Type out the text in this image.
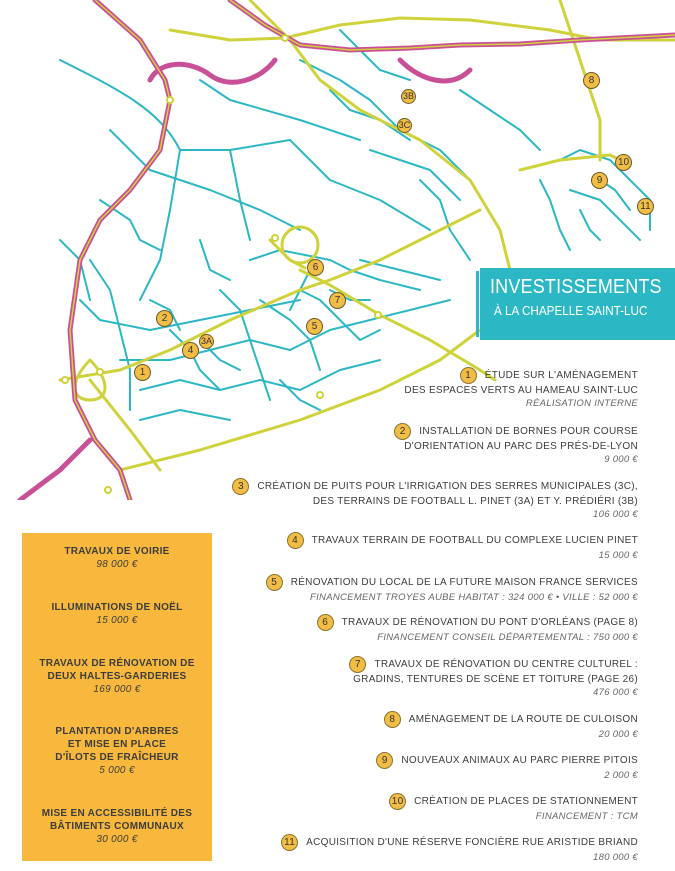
1
2
3A
3B
3C
4
5
6
7
8
9
10
11
INVESTISSEMENTS
À LA CHAPELLE SAINT-LUC
1 ÉTUDE SUR L'AMÉNAGEMENT
DES ESPACES VERTS AU HAMEAU SAINT-LUC
RÉALISATION INTERNE
2 INSTALLATION DE BORNES POUR COURSE
D'ORIENTATION AU PARC DES PRÉS-DE-LYON
9 000 €
3 CRÉATION DE PUITS POUR L'IRRIGATION DES SERRES MUNICIPALES (3C),
DES TERRAINS DE FOOTBALL L. PINET (3A) ET Y. PRÉDIÉRI (3B)
106 000 €
4 TRAVAUX TERRAIN DE FOOTBALL DU COMPLEXE LUCIEN PINET
15 000 €
5 RÉNOVATION DU LOCAL DE LA FUTURE MAISON FRANCE SERVICES
FINANCEMENT TROYES AUBE HABITAT : 324 000 € • VILLE : 52 000 €
6 TRAVAUX DE RÉNOVATION DU PONT D'ORLÉANS (PAGE 8)
FINANCEMENT CONSEIL DÉPARTEMENTAL : 750 000 €
7 TRAVAUX DE RÉNOVATION DU CENTRE CULTUREL :
GRADINS, TENTURES DE SCÈNE ET TOITURE (PAGE 26)
476 000 €
8 AMÉNAGEMENT DE LA ROUTE DE CULOISON
20 000 €
9 NOUVEAUX ANIMAUX AU PARC PIERRE PITOIS
2 000 €
10 CRÉATION DE PLACES DE STATIONNEMENT
FINANCEMENT : TCM
11 ACQUISITION D'UNE RÉSERVE FONCIÈRE RUE ARISTIDE BRIAND
180 000 €
TRAVAUX DE VOIRIE
98 000 €
ILLUMINATIONS DE NOËL
15 000 €
TRAVAUX DE RÉNOVATION DE
DEUX HALTES-GARDERIES
169 000 €
PLANTATION D'ARBRES
ET MISE EN PLACE
D'ÎLOTS DE FRAÎCHEUR
5 000 €
MISE EN ACCESSIBILITÉ DES
BÂTIMENTS COMMUNAUX
30 000 €
